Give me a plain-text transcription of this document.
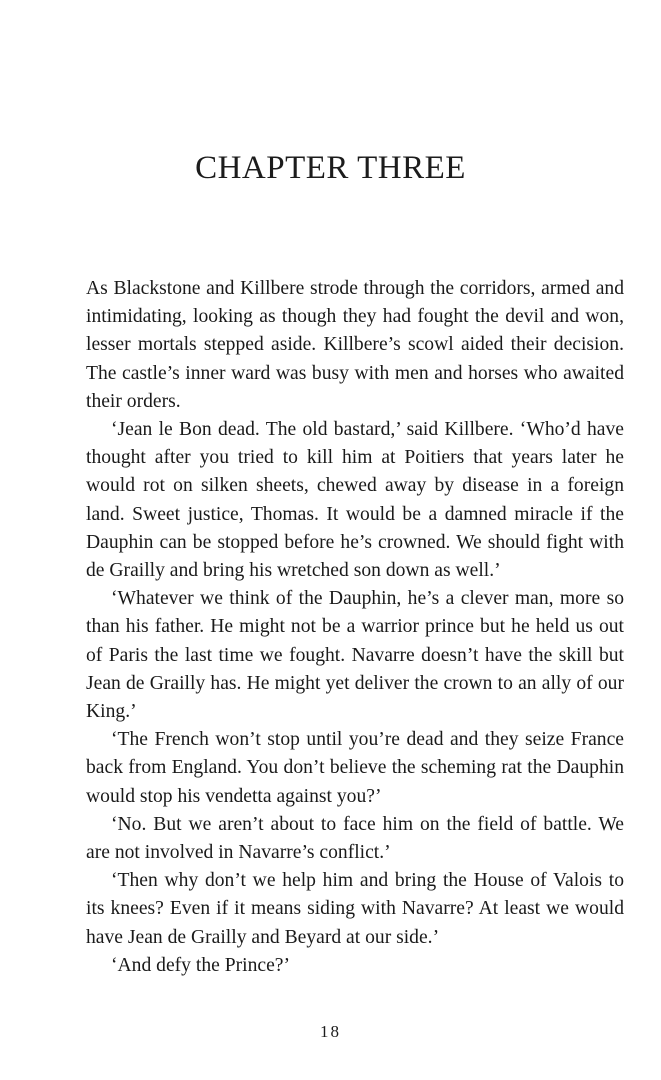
CHAPTER THREE

As Blackstone and Killbere strode through the corridors, armed and intimidating, looking as though they had fought the devil and won, lesser mortals stepped aside. Killbere’s scowl aided their decision. The castle’s inner ward was busy with men and horses who awaited their orders.

‘Jean le Bon dead. The old bastard,’ said Killbere. ‘Who’d have thought after you tried to kill him at Poitiers that years later he would rot on silken sheets, chewed away by disease in a foreign land. Sweet justice, Thomas. It would be a damned miracle if the Dauphin can be stopped before he’s crowned. We should fight with de Grailly and bring his wretched son down as well.’

‘Whatever we think of the Dauphin, he’s a clever man, more so than his father. He might not be a warrior prince but he held us out of Paris the last time we fought. Navarre doesn’t have the skill but Jean de Grailly has. He might yet deliver the crown to an ally of our King.’

‘The French won’t stop until you’re dead and they seize France back from England. You don’t believe the scheming rat the Dauphin would stop his vendetta against you?’

‘No. But we aren’t about to face him on the field of battle. We are not involved in Navarre’s conflict.’

‘Then why don’t we help him and bring the House of Valois to its knees? Even if it means siding with Navarre? At least we would have Jean de Grailly and Beyard at our side.’

‘And defy the Prince?’

18
